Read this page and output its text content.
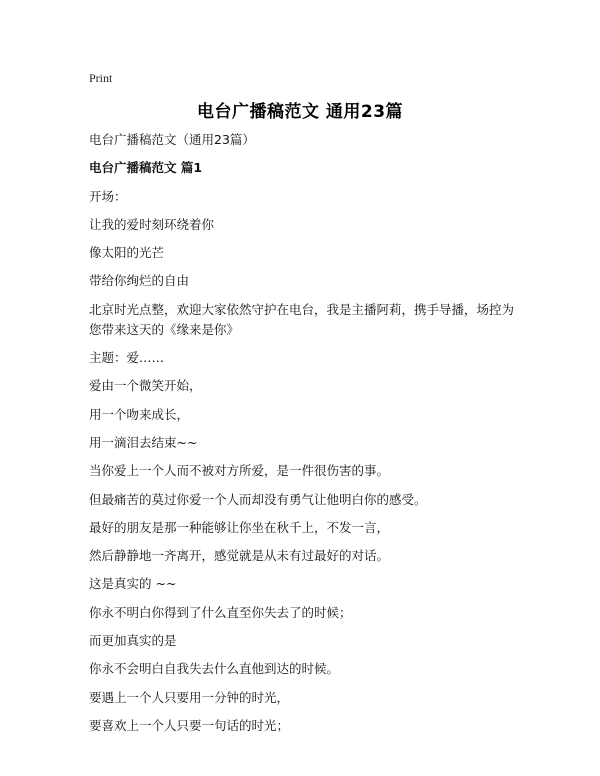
Print
电台广播稿范文 通用23篇

电台广播稿范文（通用23篇）

电台广播稿范文 篇1

开场：

让我的爱时刻环绕着你

像太阳的光芒

带给你绚烂的自由

北京时光点整，欢迎大家依然守护在电台，我是主播阿莉，携手导播，场控为您带来这天的《缘来是你》

主题：爱……

爱由一个微笑开始，

用一个吻来成长，

用一滴泪去结束~~

当你爱上一个人而不被对方所爱，是一件很伤害的事。

但最痛苦的莫过你爱一个人而却没有勇气让他明白你的感受。

最好的朋友是那一种能够让你坐在秋千上，不发一言，

然后静静地一齐离开，感觉就是从未有过最好的对话。

这是真实的 ~~

你永不明白你得到了什么直至你失去了的时候；

而更加真实的是

你永不会明白自我失去什么直他到达的时候。

要遇上一个人只要用一分钟的时光，

要喜欢上一个人只要一句话的时光；
